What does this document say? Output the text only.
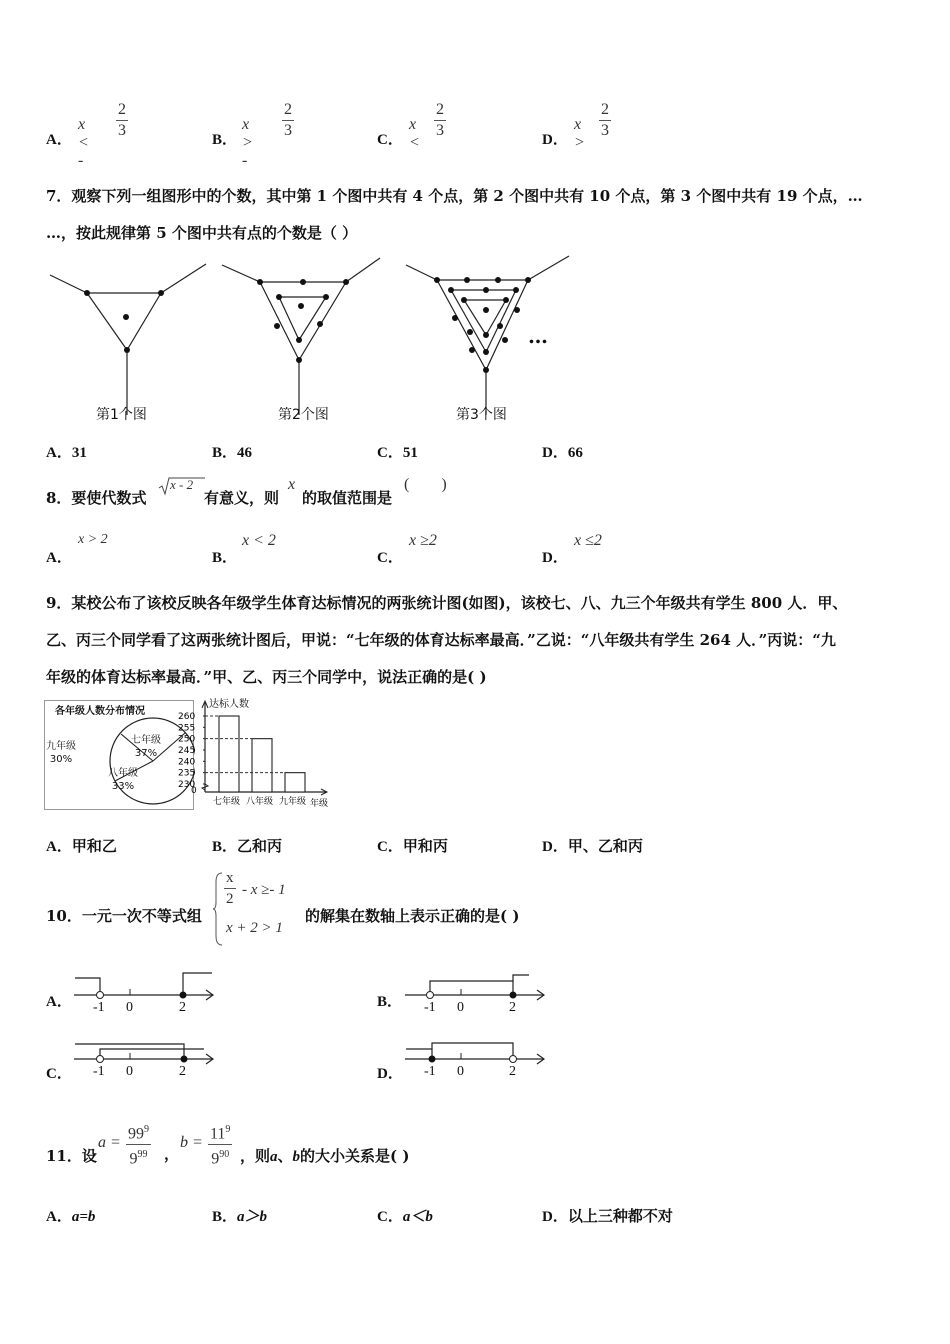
A．
x < -
$\frac{2}{3}$	B．
x > -
$\frac{2}{3}$	C．
x <
$\frac{2}{3}$	D．
x >
$\frac{2}{3}$
7．观察下列一组图形中的个数，其中第 1 个图中共有 4 个点，第 2 个图中共有 10 个点，第 3 个图中共有 19 个点，…
…，按此规律第 5 个图中共有点的个数是（ ）
…
第1个图	第2个图	第3个图
A．31	B．46	C．51	D．66
8．要使代数式
x - 2
有意义，则
x
的取值范围是
(        )
A．
x > 2
B．
x < 2
C．
x ≥2
D．
x ≤2
9．某校公布了该校反映各年级学生体育达标情况的两张统计图(如图)，该校七、八、九三个年级共有学生 800 人．甲、
乙、丙三个同学看了这两张统计图后，甲说：“七年级的体育达标率最高．”乙说：“八年级共有学生 264 人．”丙说：“九
年级的体育达标率最高．”甲、乙、丙三个同学中，说法正确的是( )
各年级人数分布情况
七年级
37%
八年级
33%
九年级
30%
达标人数
0
260
255
250
245
240
235
230
七年级 八年级 九年级 年级
A．甲和乙	B．乙和丙	C．甲和丙	D．甲、乙和丙
10．一元一次不等式组
$\frac{x}{2} - x \ge- 1$
x + 2 > 1
的解集在数轴上表示正确的是( )
A． -1 0	2	B． -1 0	2
C． -1 0	2	D． -1 0	2
11．设
$a = \frac{99^9}{9^{99}}$ ，
$b = \frac{11^9}{9^{90}}$ ，则a、b的大小关系是( )
A．a=b	B．a＞b	C．a＜b	D．以上三种都不对
